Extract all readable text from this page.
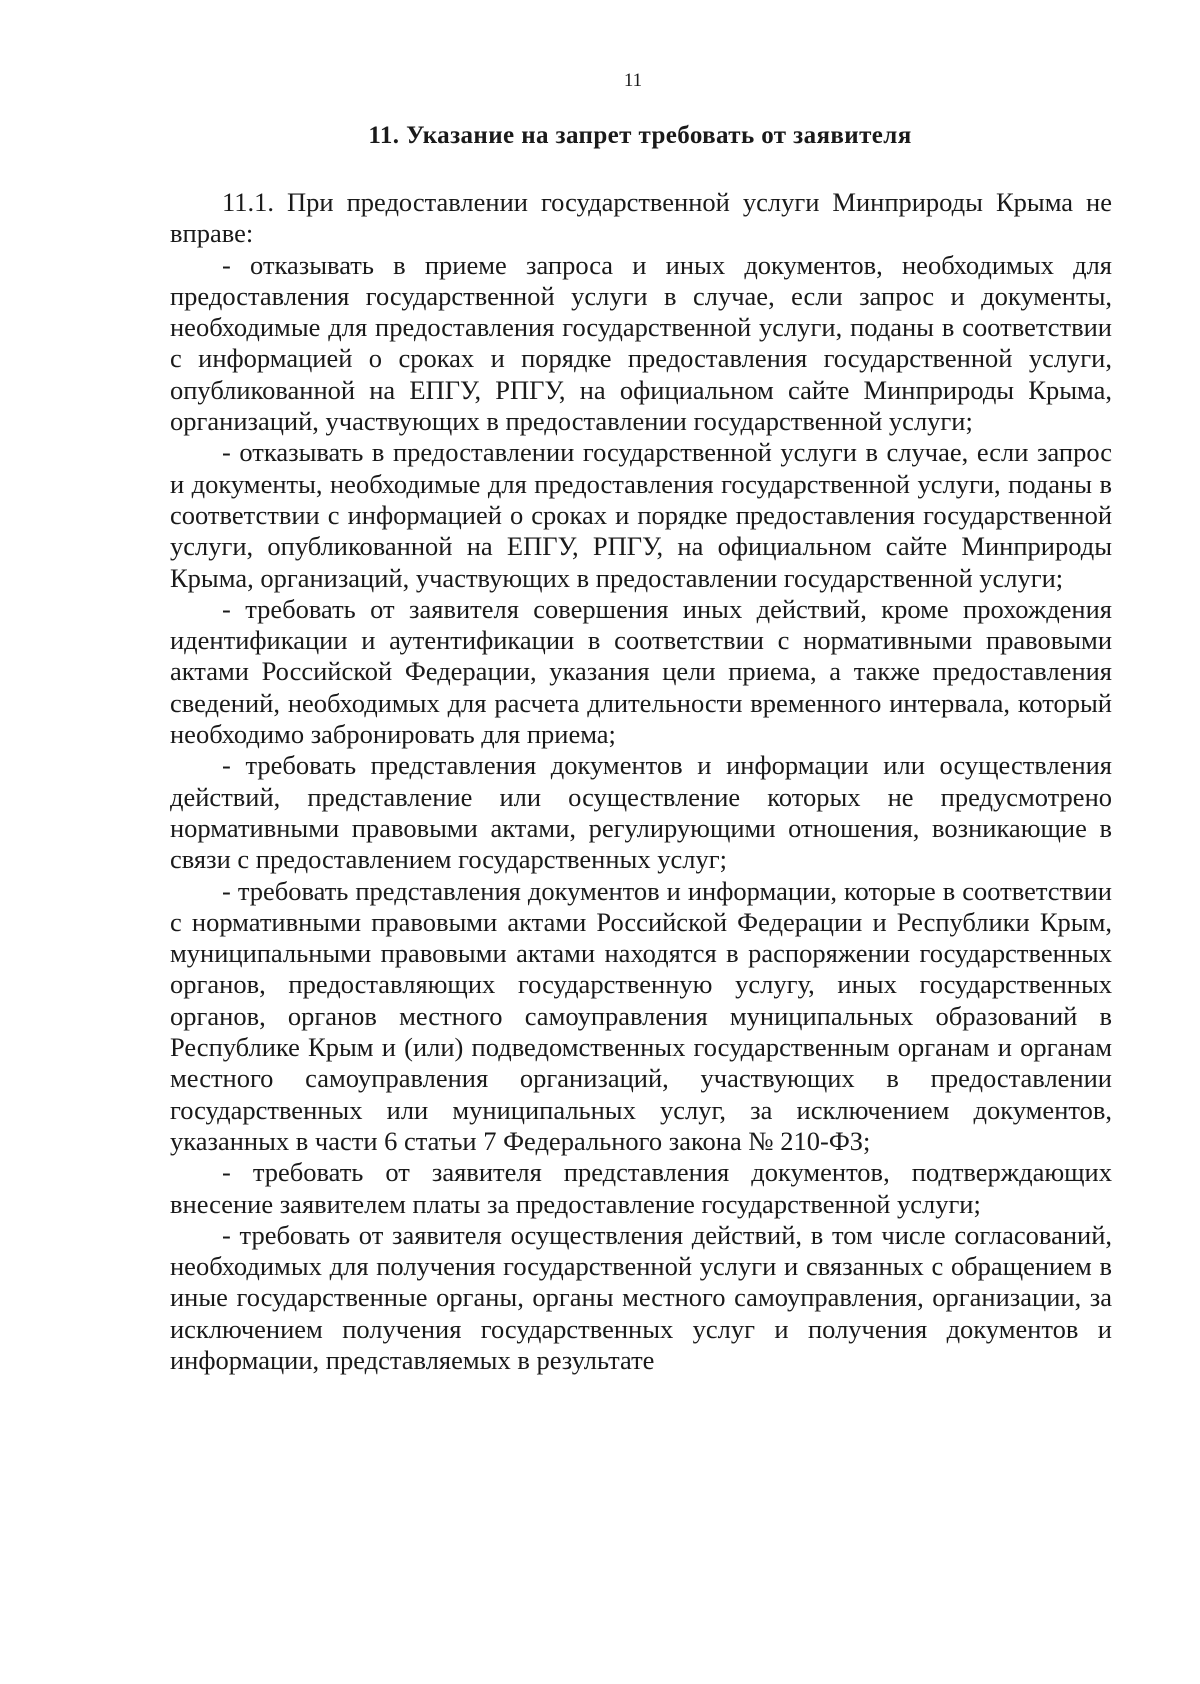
11
11. Указание на запрет требовать от заявителя

11.1. При предоставлении государственной услуги Минприроды Крыма не вправе:

- отказывать в приеме запроса и иных документов, необходимых для предоставления государственной услуги в случае, если запрос и документы, необходимые для предоставления государственной услуги, поданы в соответствии с информацией о сроках и порядке предоставления государственной услуги, опубликованной на ЕПГУ, РПГУ, на официальном сайте Минприроды Крыма, организаций, участвующих в предоставлении государственной услуги;

- отказывать в предоставлении государственной услуги в случае, если запрос и документы, необходимые для предоставления государственной услуги, поданы в соответствии с информацией о сроках и порядке предоставления государственной услуги, опубликованной на ЕПГУ, РПГУ, на официальном сайте Минприроды Крыма, организаций, участвующих в предоставлении государственной услуги;

- требовать от заявителя совершения иных действий, кроме прохождения идентификации и аутентификации в соответствии с нормативными правовыми актами Российской Федерации, указания цели приема, а также предоставления сведений, необходимых для расчета длительности временного интервала, который необходимо забронировать для приема;

- требовать представления документов и информации или осуществления действий, представление или осуществление которых не предусмотрено нормативными правовыми актами, регулирующими отношения, возникающие в связи с предоставлением государственных услуг;

- требовать представления документов и информации, которые в соответствии с нормативными правовыми актами Российской Федерации и Республики Крым, муниципальными правовыми актами находятся в распоряжении государственных органов, предоставляющих государственную услугу, иных государственных органов, органов местного самоуправления муниципальных образований в Республике Крым и (или) подведомственных государственным органам и органам местного самоуправления организаций, участвующих в предоставлении государственных или муниципальных услуг, за исключением документов, указанных в части 6 статьи 7 Федерального закона № 210-ФЗ;

- требовать от заявителя представления документов, подтверждающих внесение заявителем платы за предоставление государственной услуги;

- требовать от заявителя осуществления действий, в том числе согласований, необходимых для получения государственной услуги и связанных с обращением в иные государственные органы, органы местного самоуправления, организации, за исключением получения государственных услуг и получения документов и информации, представляемых в результате
